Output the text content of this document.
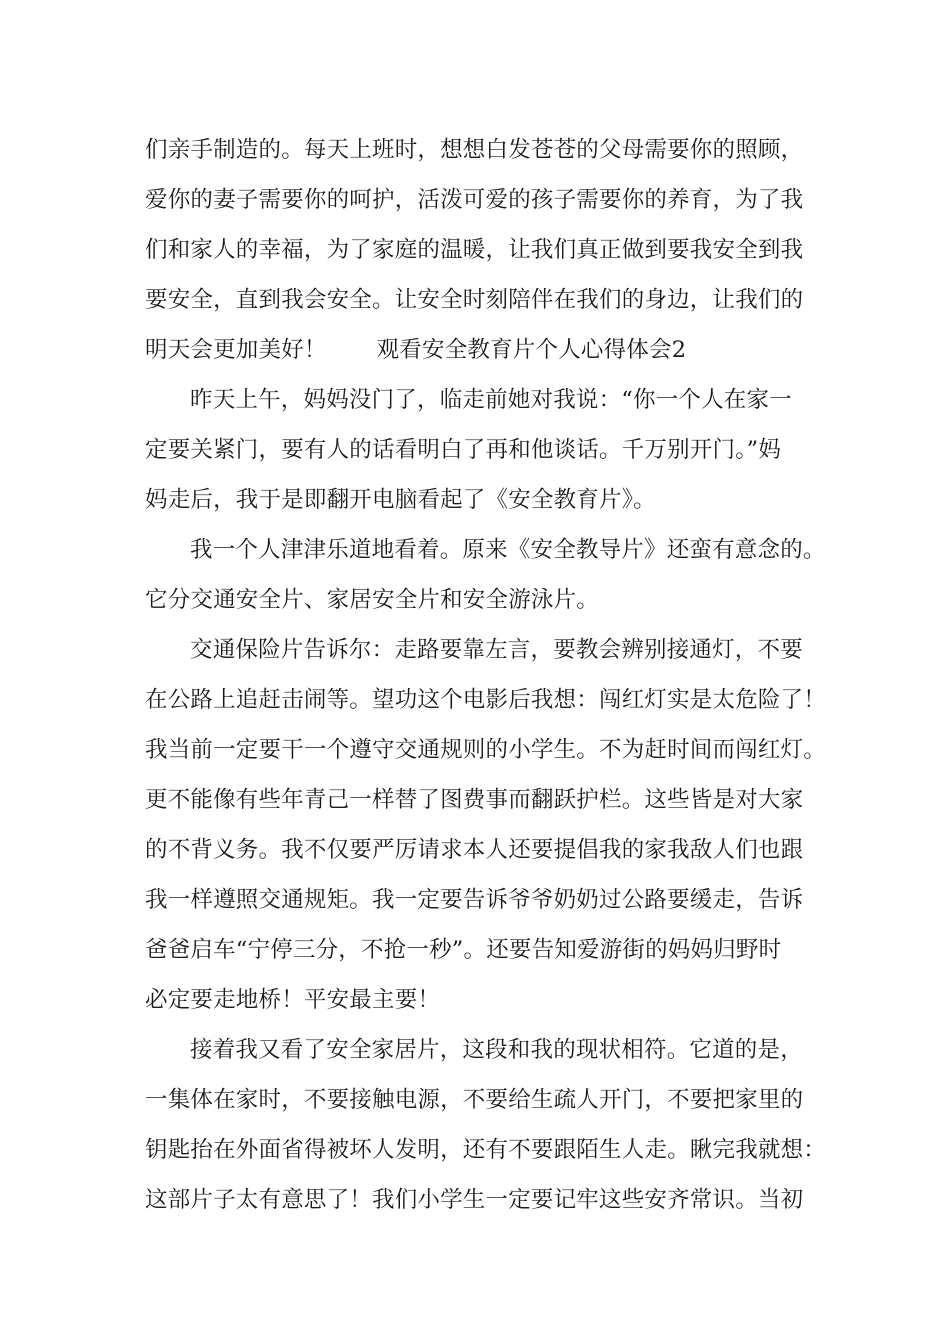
们亲手制造的。每天上班时，想想白发苍苍的父母需要你的照顾，
爱你的妻子需要你的呵护，活泼可爱的孩子需要你的养育，为了我
们和家人的幸福，为了家庭的温暖，让我们真正做到要我安全到我
要安全，直到我会安全。让安全时刻陪伴在我们的身边，让我们的
明天会更加美好！ 观看安全教育片个人心得体会2
昨天上午，妈妈没门了，临走前她对我说：“你一个人在家一
定要关紧门，要有人的话看明白了再和他谈话。千万别开门。”妈
妈走后，我于是即翻开电脑看起了《安全教育片》。
我一个人津津乐道地看着。原来《安全教导片》还蛮有意念的。
它分交通安全片、家居安全片和安全游泳片。
交通保险片告诉尔：走路要靠左言，要教会辨别接通灯，不要
在公路上追赶击闹等。望功这个电影后我想：闯红灯实是太危险了！
我当前一定要干一个遵守交通规则的小学生。不为赶时间而闯红灯。
更不能像有些年青己一样替了图费事而翻跃护栏。这些皆是对大家
的不背义务。我不仅要严厉请求本人还要提倡我的家我敌人们也跟
我一样遵照交通规矩。我一定要告诉爷爷奶奶过公路要缓走，告诉
爸爸启车“宁停三分，不抢一秒”。还要告知爱游街的妈妈归野时
必定要走地桥！平安最主要！
接着我又看了安全家居片，这段和我的现状相符。它道的是，
一集体在家时，不要接触电源，不要给生疏人开门，不要把家里的
钥匙抬在外面省得被坏人发明，还有不要跟陌生人走。瞅完我就想：
这部片子太有意思了！我们小学生一定要记牢这些安齐常识。当初
